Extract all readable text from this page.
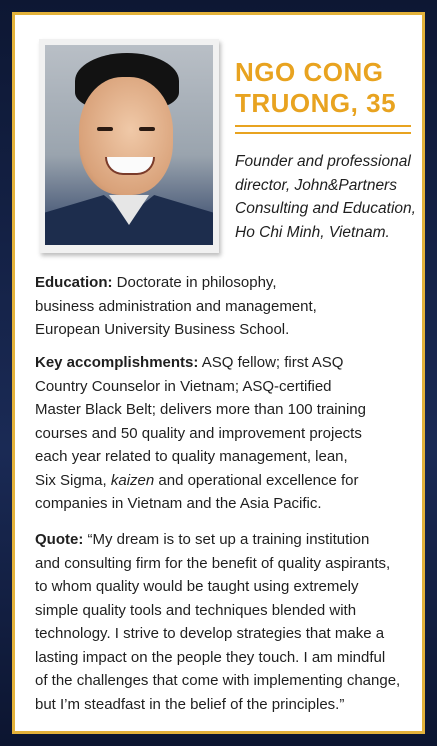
NGO CONG
TRUONG, 35
Founder and professional
director, John&Partners
Consulting and Education,
Ho Chi Minh, Vietnam.
Education: Doctorate in philosophy,
business administration and management,
European University Business School.
Key accomplishments: ASQ fellow; first ASQ
Country Counselor in Vietnam; ASQ-certified
Master Black Belt; delivers more than 100 training
courses and 50 quality and improvement projects
each year related to quality management, lean,
Six Sigma, kaizen and operational excellence for
companies in Vietnam and the Asia Pacific.
Quote: “My dream is to set up a training institution
and consulting firm for the benefit of quality aspirants,
to whom quality would be taught using extremely
simple quality tools and techniques blended with
technology. I strive to develop strategies that make a
lasting impact on the people they touch. I am mindful
of the challenges that come with implementing change,
but I’m steadfast in the belief of the principles.”
